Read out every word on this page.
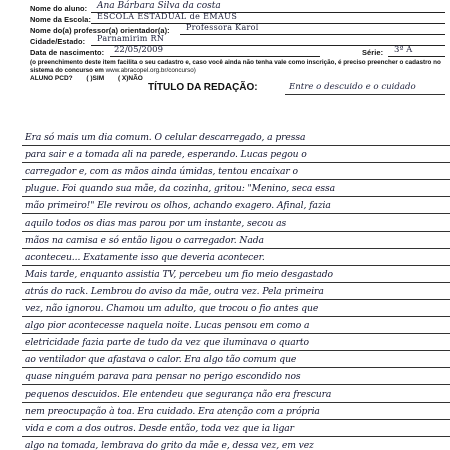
Nome do aluno: Ana Bárbara Silva da costa
Nome da Escola: ESCOLA ESTADUAL de EMAUS
Nome do(a) professor(a) orientador(a): Professora Karol
Cidade/Estado: Parnamirim RN
Data de nascimento: 22/05/2009	Série: 3ª A
(o preenchimento deste item facilita o seu cadastro e, caso você ainda não tenha vale como inscrição, é preciso preencher o cadastro no sistema do concurso em www.abracopel.org.br/concurso)
ALUNO PCD? ( )SIM ( X)NÃO
TÍTULO DA REDAÇÃO:	Entre o descuido e o cuidado
Era só mais um dia comum. O celular descarregado, a pressa
para sair e a tomada ali na parede, esperando. Lucas pegou o
carregador e, com as mãos ainda úmidas, tentou encaixar o
plugue. Foi quando sua mãe, da cozinha, gritou: "Menino, seca essa
mão primeiro!" Ele revirou os olhos, achando exagero. Afinal, fazia
aquilo todos os dias mas parou por um instante, secou as
mãos na camisa e só então ligou o carregador. Nada
aconteceu... Exatamente isso que deveria acontecer.
Mais tarde, enquanto assistia TV, percebeu um fio meio desgastado
atrás do rack. Lembrou do aviso da mãe, outra vez. Pela primeira
vez, não ignorou. Chamou um adulto, que trocou o fio antes que
algo pior acontecesse naquela noite. Lucas pensou em como a
eletricidade fazia parte de tudo da vez que iluminava o quarto
ao ventilador que afastava o calor. Era algo tão comum que
quase ninguém parava para pensar no perigo escondido nos
pequenos descuidos. Ele entendeu que segurança não era frescura
nem preocupação à toa. Era cuidado. Era atenção com a própria
vida e com a dos outros. Desde então, toda vez que ia ligar
algo na tomada, lembrava do grito da mãe e, dessa vez, em vez
